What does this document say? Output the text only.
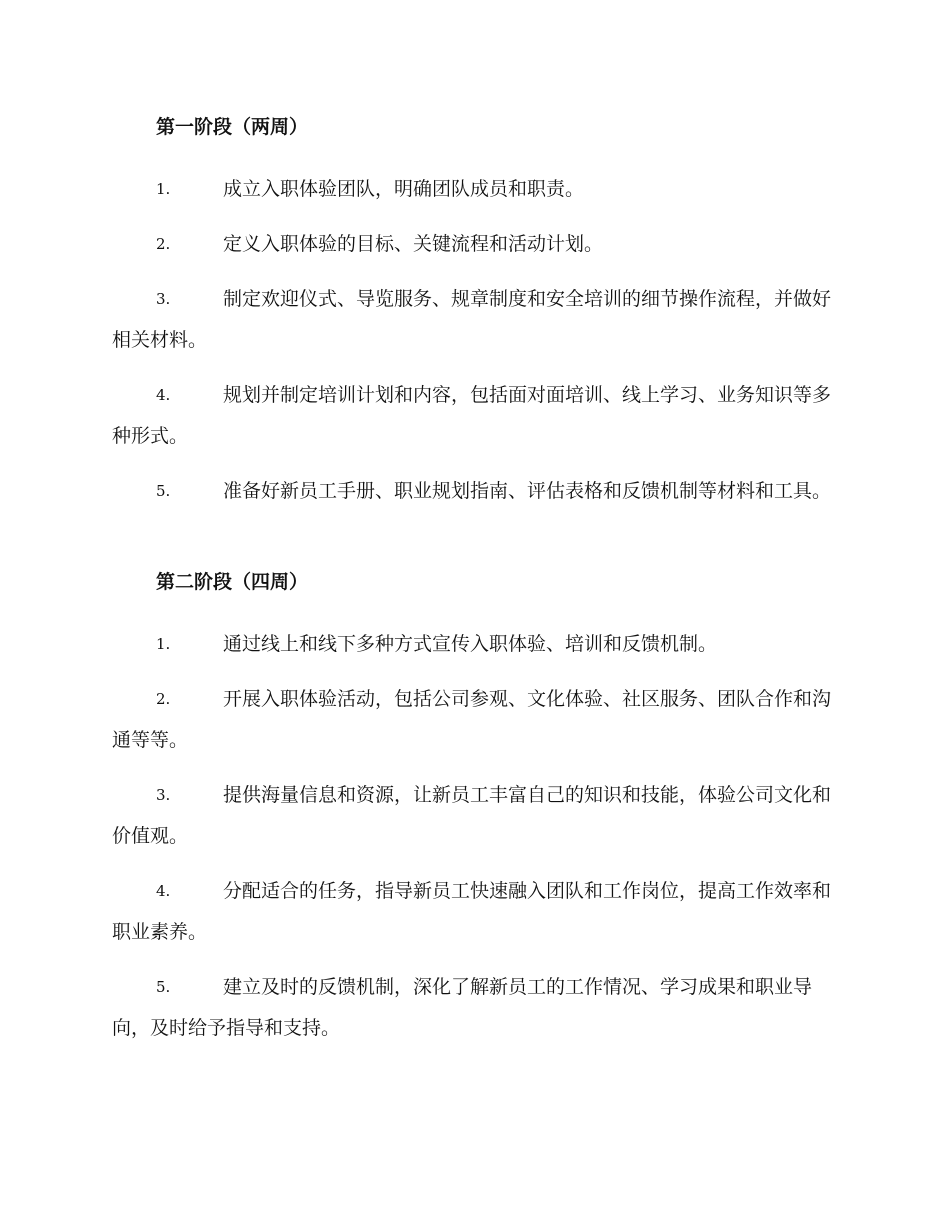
第一阶段（两周）
1.	成立入职体验团队，明确团队成员和职责。
2.	定义入职体验的目标、关键流程和活动计划。
3.	制定欢迎仪式、导览服务、规章制度和安全培训的细节操作流程，并做好相关材料。
4.	规划并制定培训计划和内容，包括面对面培训、线上学习、业务知识等多种形式。
5.	准备好新员工手册、职业规划指南、评估表格和反馈机制等材料和工具。
第二阶段（四周）
1.	通过线上和线下多种方式宣传入职体验、培训和反馈机制。
2.	开展入职体验活动，包括公司参观、文化体验、社区服务、团队合作和沟通等等。
3.	提供海量信息和资源，让新员工丰富自己的知识和技能，体验公司文化和价值观。
4.	分配适合的任务，指导新员工快速融入团队和工作岗位，提高工作效率和职业素养。
5.	建立及时的反馈机制，深化了解新员工的工作情况、学习成果和职业导向，及时给予指导和支持。
